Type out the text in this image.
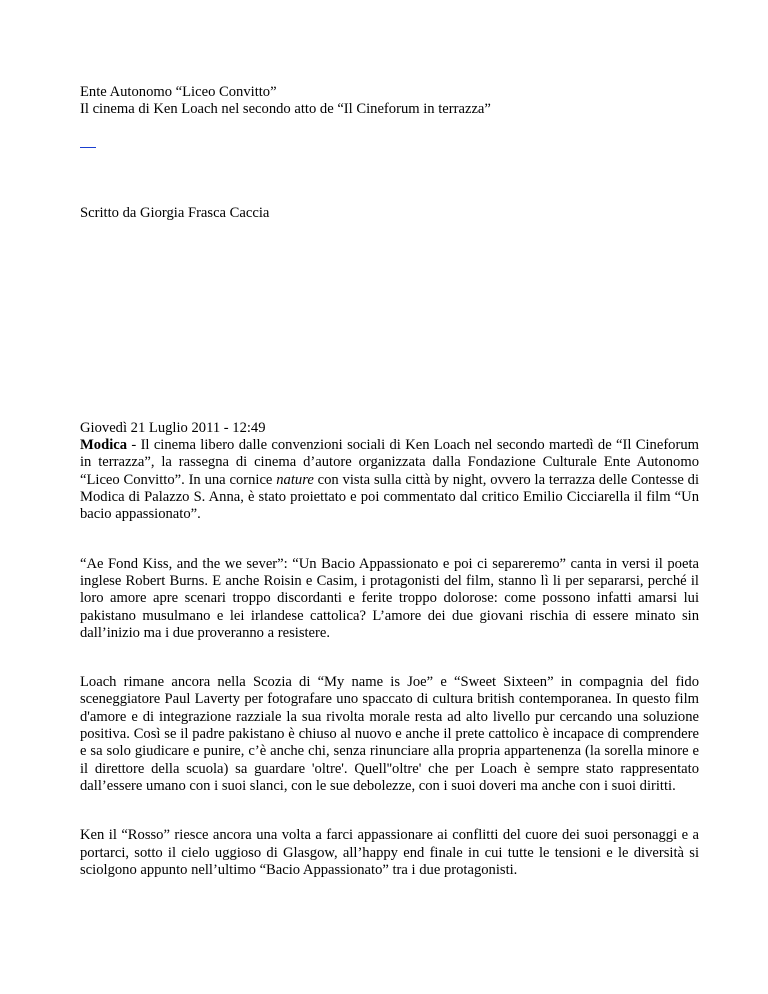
Ente Autonomo “Liceo Convitto”

Il cinema di Ken Loach nel secondo atto de “Il Cineforum in terrazza”

Scritto da Giorgia Frasca Caccia

Giovedì 21 Luglio 2011 - 12:49

Modica - Il cinema libero dalle convenzioni sociali di Ken Loach nel secondo martedì de “Il Cineforum in terrazza”, la rassegna di cinema d’autore organizzata dalla Fondazione Culturale Ente Autonomo “Liceo Convitto”. In una cornice nature con vista sulla città by night, ovvero la terrazza delle Contesse di Modica di Palazzo S. Anna, è stato proiettato e poi commentato dal critico Emilio Cicciarella il film “Un bacio appassionato”.

“Ae Fond Kiss, and the we sever”: “Un Bacio Appassionato e poi ci separeremo” canta in versi il poeta inglese Robert Burns. E anche Roisin e Casim, i protagonisti del film, stanno lì li per separarsi, perché il loro amore apre scenari troppo discordanti e ferite troppo dolorose: come possono infatti amarsi lui pakistano musulmano e lei irlandese cattolica? L’amore dei due giovani rischia di essere minato sin dall’inizio ma i due proveranno a resistere.

Loach rimane ancora nella Scozia di “My name is Joe” e “Sweet Sixteen” in compagnia del fido sceneggiatore Paul Laverty per fotografare uno spaccato di cultura british contemporanea. In questo film d'amore e di integrazione razziale la sua rivolta morale resta ad alto livello pur cercando una soluzione positiva. Così se il padre pakistano è chiuso al nuovo e anche il prete cattolico è incapace di comprendere e sa solo giudicare e punire, c’è anche chi, senza rinunciare alla propria appartenenza (la sorella minore e il direttore della scuola) sa guardare 'oltre'. Quell''oltre' che per Loach è sempre stato rappresentato dall’essere umano con i suoi slanci, con le sue debolezze, con i suoi doveri ma anche con i suoi diritti.

Ken il “Rosso” riesce ancora una volta a farci appassionare ai conflitti del cuore dei suoi personaggi e a portarci, sotto il cielo uggioso di Glasgow, all’happy end finale in cui tutte le tensioni e le diversità si sciolgono appunto nell’ultimo “Bacio Appassionato” tra i due protagonisti.
